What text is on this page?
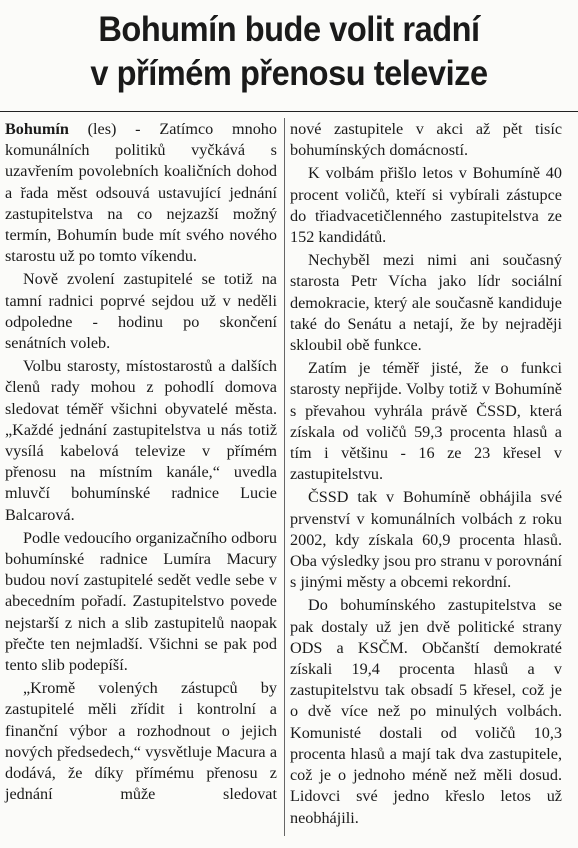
Bohumín bude volit radní
v přímém přenosu televize

Bohumín (les) - Zatímco mnoho komunálních politiků vyčkává s uzavřením povolebních koaličních dohod a řada měst odsouvá ustavující jednání zastupitelstva na co nejzazší možný termín, Bohumín bude mít svého nového starostu už po tomto víkendu.

Nově zvolení zastupitelé se totiž na tamní radnici poprvé sejdou už v neděli odpoledne - hodinu po skončení senátních voleb.

Volbu starosty, místostarostů a dalších členů rady mohou z pohodlí domova sledovat téměř všichni obyvatelé města. „Každé jednání zastupitelstva u nás totiž vysílá kabelová televize v přímém přenosu na místním kanále,“ uvedla mluvčí bohumínské radnice Lucie Balcarová.

Podle vedoucího organizačního odboru bohumínské radnice Lumíra Macury budou noví zastupitelé sedět vedle sebe v abecedním pořadí. Zastupitelstvo povede nejstarší z nich a slib zastupitelů naopak přečte ten nejmladší. Všichni se pak pod tento slib podepíší.

„Kromě volených zástupců by zastupitelé měli zřídit i kontrolní a finanční výbor a rozhodnout o jejich nových předsedech,“ vysvětluje Macura a dodává, že díky přímému přenosu z jednání může sledovat

nové zastupitele v akci až pět tisíc bohumínských domácností.

K volbám přišlo letos v Bohumíně 40 procent voličů, kteří si vybírali zástupce do třiadvacetičlenného zastupitelstva ze 152 kandidátů.

Nechyběl mezi nimi ani současný starosta Petr Vícha jako lídr sociální demokracie, který ale současně kandiduje také do Senátu a netají, že by nejraději skloubil obě funkce.

Zatím je téměř jisté, že o funkci starosty nepřijde. Volby totiž v Bohumíně s převahou vyhrála právě ČSSD, která získala od voličů 59,3 procenta hlasů a tím i většinu - 16 ze 23 křesel v zastupitelstvu.

ČSSD tak v Bohumíně obhájila své prvenství v komunálních volbách z roku 2002, kdy získala 60,9 procenta hlasů. Oba výsledky jsou pro stranu v porovnání s jinými městy a obcemi rekordní.

Do bohumínského zastupitelstva se pak dostaly už jen dvě politické strany ODS a KSČM. Občanští demokraté získali 19,4 procenta hlasů a v zastupitelstvu tak obsadí 5 křesel, což je o dvě více než po minulých volbách. Komunisté dostali od voličů 10,3 procenta hlasů a mají tak dva zastupitele, což je o jednoho méně než měli dosud. Lidovci své jedno křeslo letos už neobhájili.
